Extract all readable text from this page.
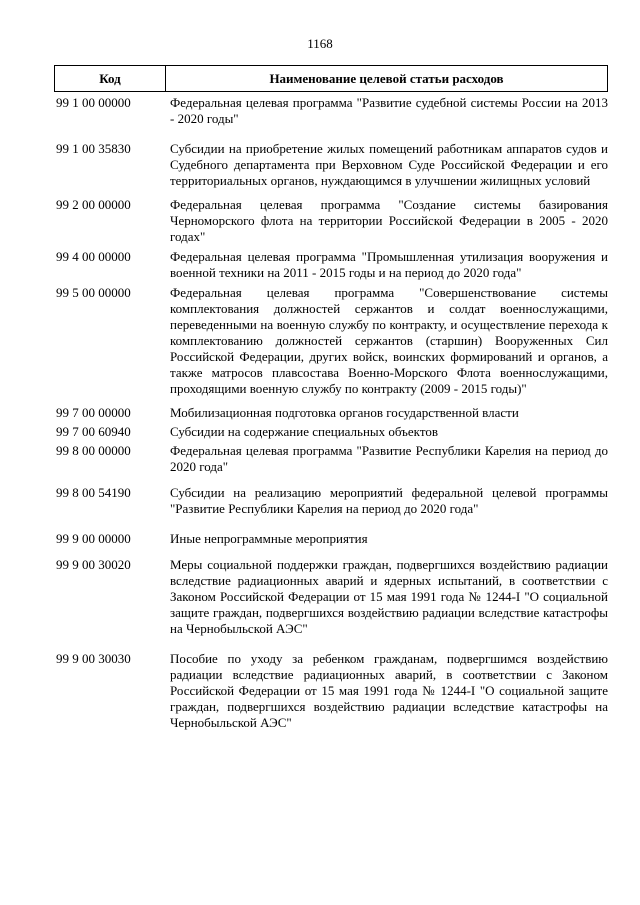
1168
Код	Наименование целевой статьи расходов
99 1 00 00000	Федеральная целевая программа "Развитие судебной системы России на 2013 - 2020 годы"
99 1 00 35830	Субсидии на приобретение жилых помещений работникам аппаратов судов и Судебного департамента при Верховном Суде Российской Федерации и его территориальных органов, нуждающимся в улучшении жилищных условий
99 2 00 00000	Федеральная целевая программа "Создание системы базирования Черноморского флота на территории Российской Федерации в 2005 - 2020 годах"
99 4 00 00000	Федеральная целевая программа "Промышленная утилизация вооружения и военной техники на 2011 - 2015 годы и на период до 2020 года"
99 5 00 00000	Федеральная целевая программа "Совершенствование системы комплектования должностей сержантов и солдат военнослужащими, переведенными на военную службу по контракту, и осуществление перехода к комплектованию должностей сержантов (старшин) Вооруженных Сил Российской Федерации, других войск, воинских формирований и органов, а также матросов плавсостава Военно-Морского Флота военнослужащими, проходящими военную службу по контракту (2009 - 2015 годы)"
99 7 00 00000	Мобилизационная подготовка органов государственной власти
99 7 00 60940	Субсидии на содержание специальных объектов
99 8 00 00000	Федеральная целевая программа "Развитие Республики Карелия на период до 2020 года"
99 8 00 54190	Субсидии на реализацию мероприятий федеральной целевой программы "Развитие Республики Карелия на период до 2020 года"
99 9 00 00000	Иные непрограммные мероприятия
99 9 00 30020	Меры социальной поддержки граждан, подвергшихся воздействию радиации вследствие радиационных аварий и ядерных испытаний, в соответствии с Законом Российской Федерации от 15 мая 1991 года № 1244-I "О социальной защите граждан, подвергшихся воздействию радиации вследствие катастрофы на Чернобыльской АЭС"
99 9 00 30030	Пособие по уходу за ребенком гражданам, подвергшимся воздействию радиации вследствие радиационных аварий, в соответствии с Законом Российской Федерации от 15 мая 1991 года № 1244-I "О социальной защите граждан, подвергшихся воздействию радиации вследствие катастрофы на Чернобыльской АЭС"
